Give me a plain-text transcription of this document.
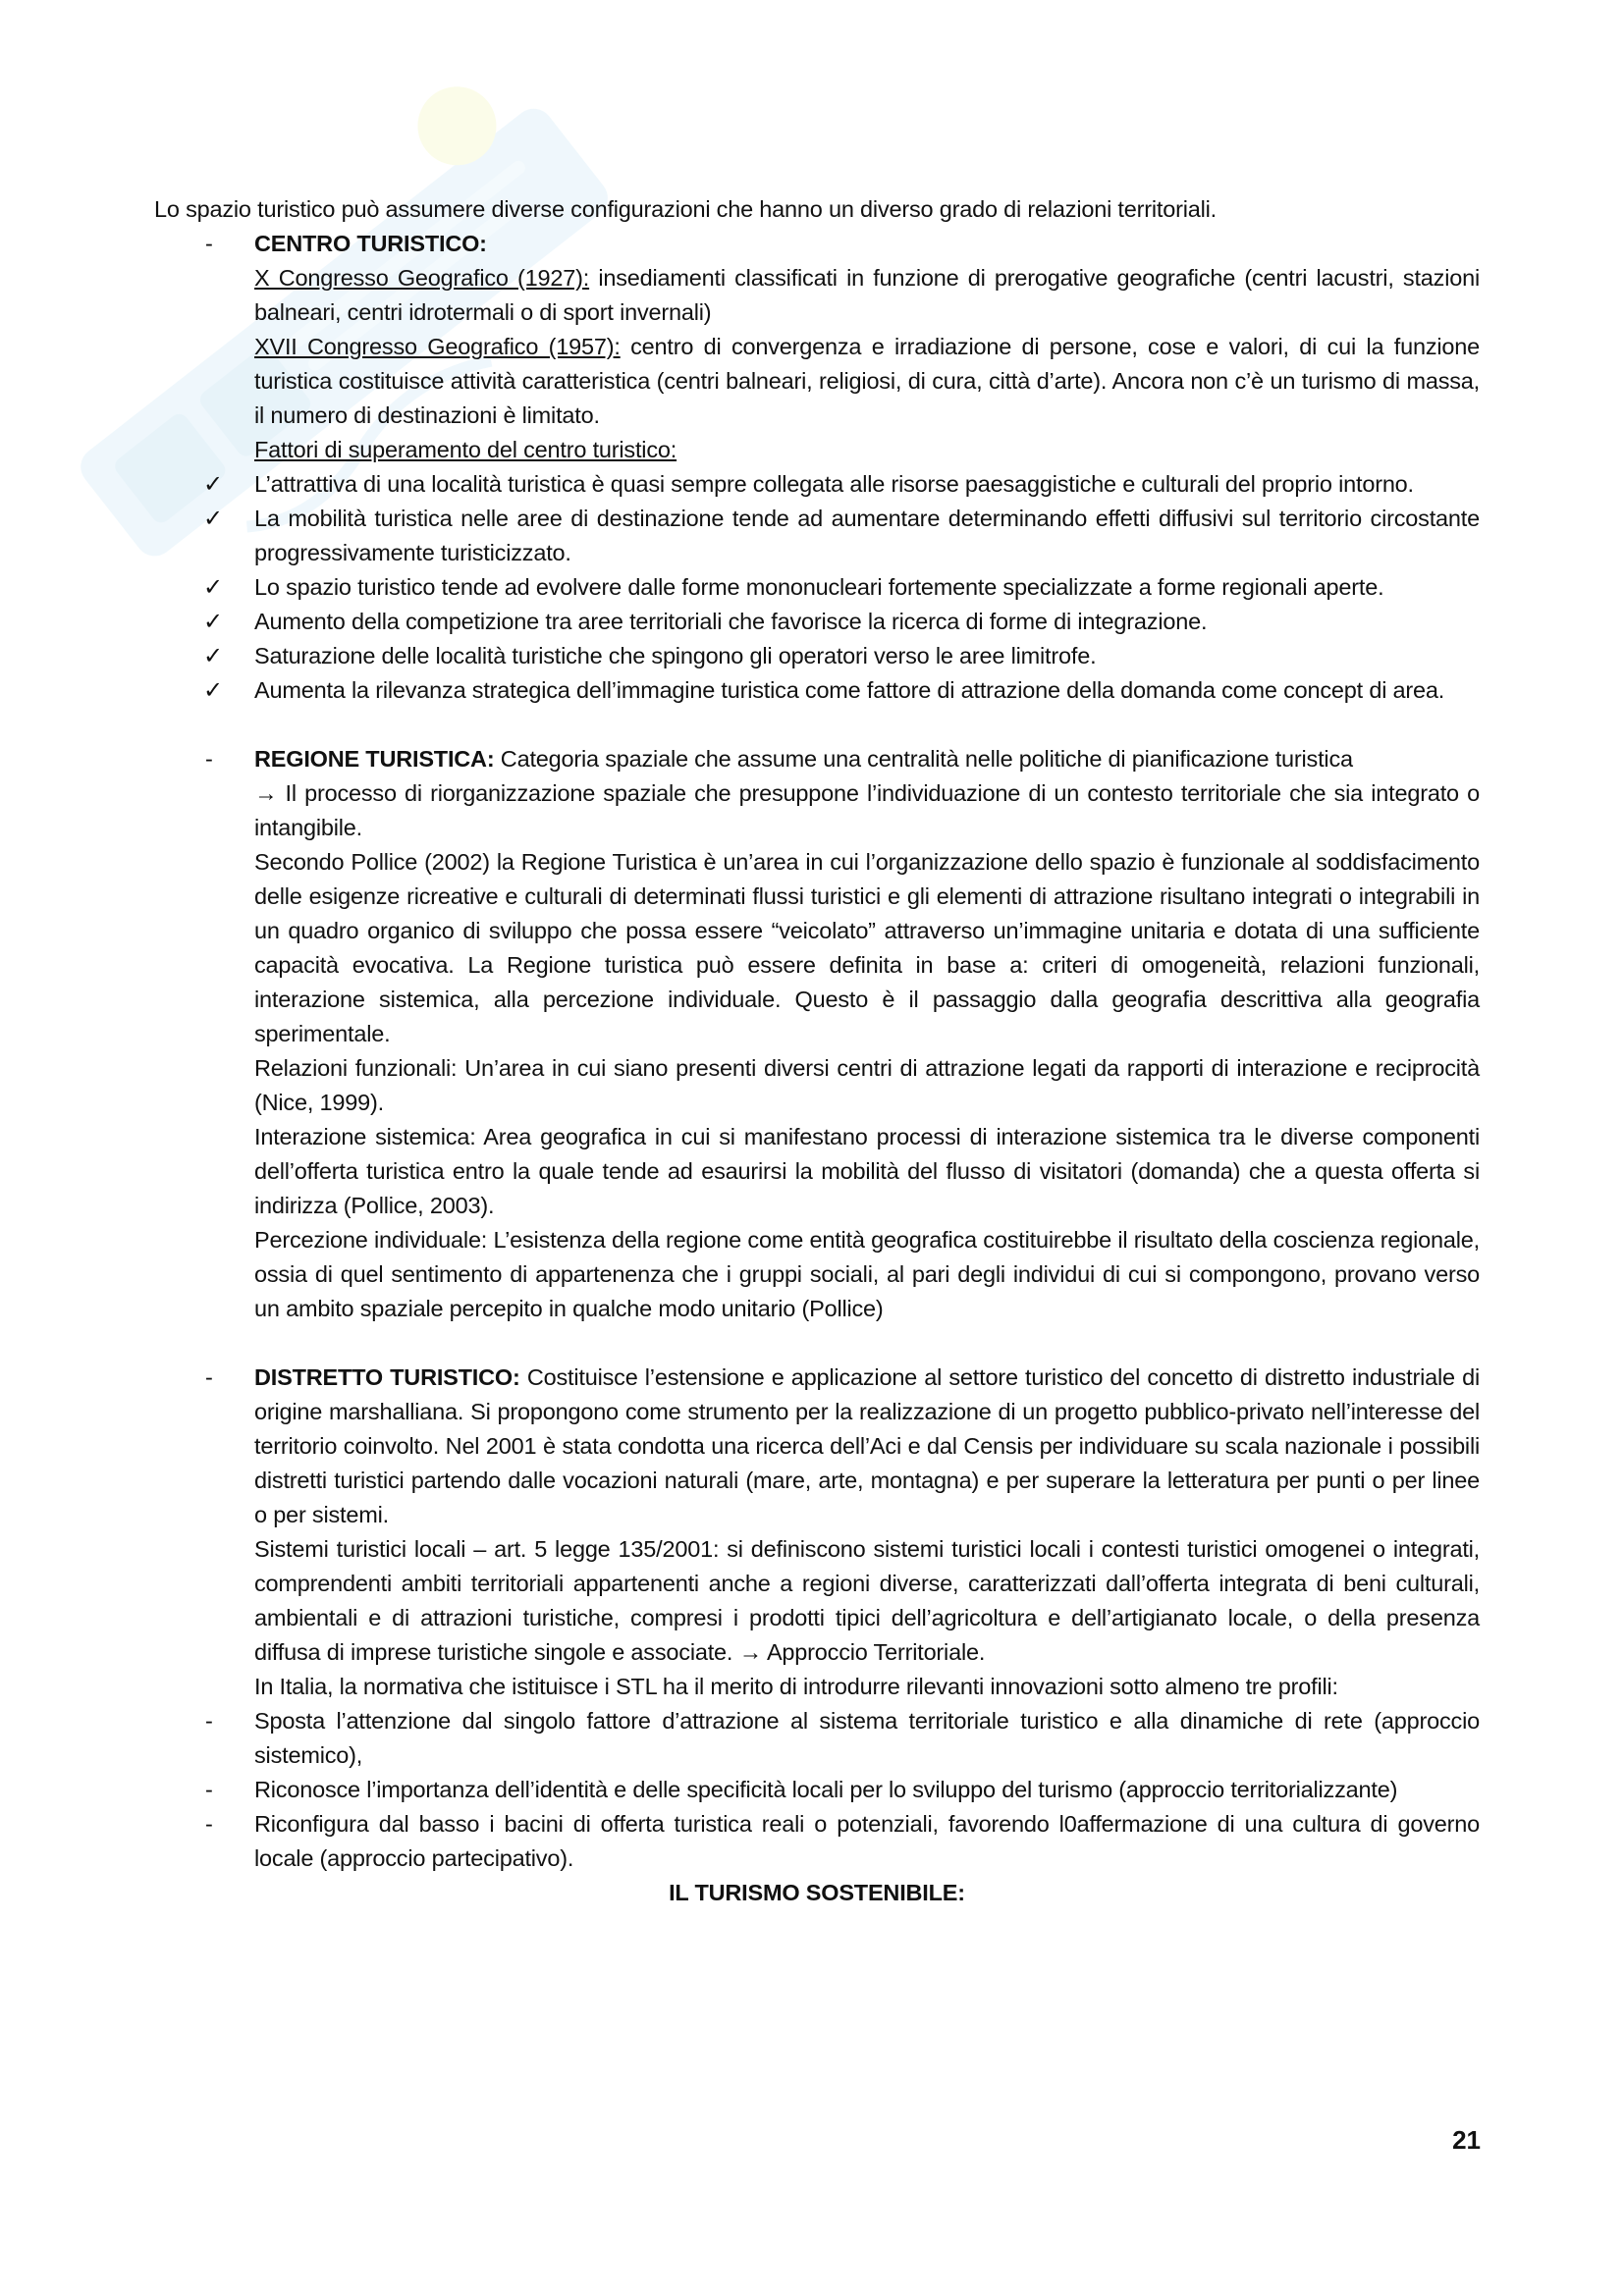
Lo spazio turistico può assumere diverse configurazioni che hanno un diverso grado di relazioni territoriali.

-	CENTRO TURISTICO:

X Congresso Geografico (1927): insediamenti classificati in funzione di prerogative geografiche (centri lacustri, stazioni balneari, centri idrotermali o di sport invernali)

XVII Congresso Geografico (1957): centro di convergenza e irradiazione di persone, cose e valori, di cui la funzione turistica costituisce attività caratteristica (centri balneari, religiosi, di cura, città d’arte). Ancora non c’è un turismo di massa, il numero di destinazioni è limitato.

Fattori di superamento del centro turistico:

✓	L’attrattiva di una località turistica è quasi sempre collegata alle risorse paesaggistiche e culturali del proprio intorno.

✓	La mobilità turistica nelle aree di destinazione tende ad aumentare determinando effetti diffusivi sul territorio circostante progressivamente turisticizzato.

✓	Lo spazio turistico tende ad evolvere dalle forme mononucleari fortemente specializzate a forme regionali aperte.

✓	Aumento della competizione tra aree territoriali che favorisce la ricerca di forme di integrazione.

✓	Saturazione delle località turistiche che spingono gli operatori verso le aree limitrofe.

✓	Aumenta la rilevanza strategica dell’immagine turistica come fattore di attrazione della domanda come concept di area.

-	REGIONE TURISTICA: Categoria spaziale che assume una centralità nelle politiche di pianificazione turistica
→ Il processo di riorganizzazione spaziale che presuppone l’individuazione di un contesto territoriale che sia integrato o intangibile.

Secondo Pollice (2002) la Regione Turistica è un’area in cui l’organizzazione dello spazio è funzionale al soddisfacimento delle esigenze ricreative e culturali di determinati flussi turistici e gli elementi di attrazione risultano integrati o integrabili in un quadro organico di sviluppo che possa essere “veicolato” attraverso un’immagine unitaria e dotata di una sufficiente capacità evocativa. La Regione turistica può essere definita in base a: criteri di omogeneità, relazioni funzionali, interazione sistemica, alla percezione individuale. Questo è il passaggio dalla geografia descrittiva alla geografia sperimentale.

Relazioni funzionali: Un’area in cui siano presenti diversi centri di attrazione legati da rapporti di interazione e reciprocità (Nice, 1999).

Interazione sistemica: Area geografica in cui si manifestano processi di interazione sistemica tra le diverse componenti dell’offerta turistica entro la quale tende ad esaurirsi la mobilità del flusso di visitatori (domanda) che a questa offerta si indirizza (Pollice, 2003).

Percezione individuale: L’esistenza della regione come entità geografica costituirebbe il risultato della coscienza regionale, ossia di quel sentimento di appartenenza che i gruppi sociali, al pari degli individui di cui si compongono, provano verso un ambito spaziale percepito in qualche modo unitario (Pollice)

-	DISTRETTO TURISTICO: Costituisce l’estensione e applicazione al settore turistico del concetto di distretto industriale di origine marshalliana. Si propongono come strumento per la realizzazione di un progetto pubblico-privato nell’interesse del territorio coinvolto. Nel 2001 è stata condotta una ricerca dell’Aci e dal Censis per individuare su scala nazionale i possibili distretti turistici partendo dalle vocazioni naturali (mare, arte, montagna) e per superare la letteratura per punti o per linee o per sistemi.

Sistemi turistici locali – art. 5 legge 135/2001: si definiscono sistemi turistici locali i contesti turistici omogenei o integrati, comprendenti ambiti territoriali appartenenti anche a regioni diverse, caratterizzati dall’offerta integrata di beni culturali, ambientali e di attrazioni turistiche, compresi i prodotti tipici dell’agricoltura e dell’artigianato locale, o della presenza diffusa di imprese turistiche singole e associate. → Approccio Territoriale.

In Italia, la normativa che istituisce i STL ha il merito di introdurre rilevanti innovazioni sotto almeno tre profili:

-	Sposta l’attenzione dal singolo fattore d’attrazione al sistema territoriale turistico e alla dinamiche di rete (approccio sistemico),

-	Riconosce l’importanza dell’identità e delle specificità locali per lo sviluppo del turismo (approccio territorializzante)

-	Riconfigura dal basso i bacini di offerta turistica reali o potenziali, favorendo l0affermazione di una cultura di governo locale (approccio partecipativo).

IL TURISMO SOSTENIBILE:

21
